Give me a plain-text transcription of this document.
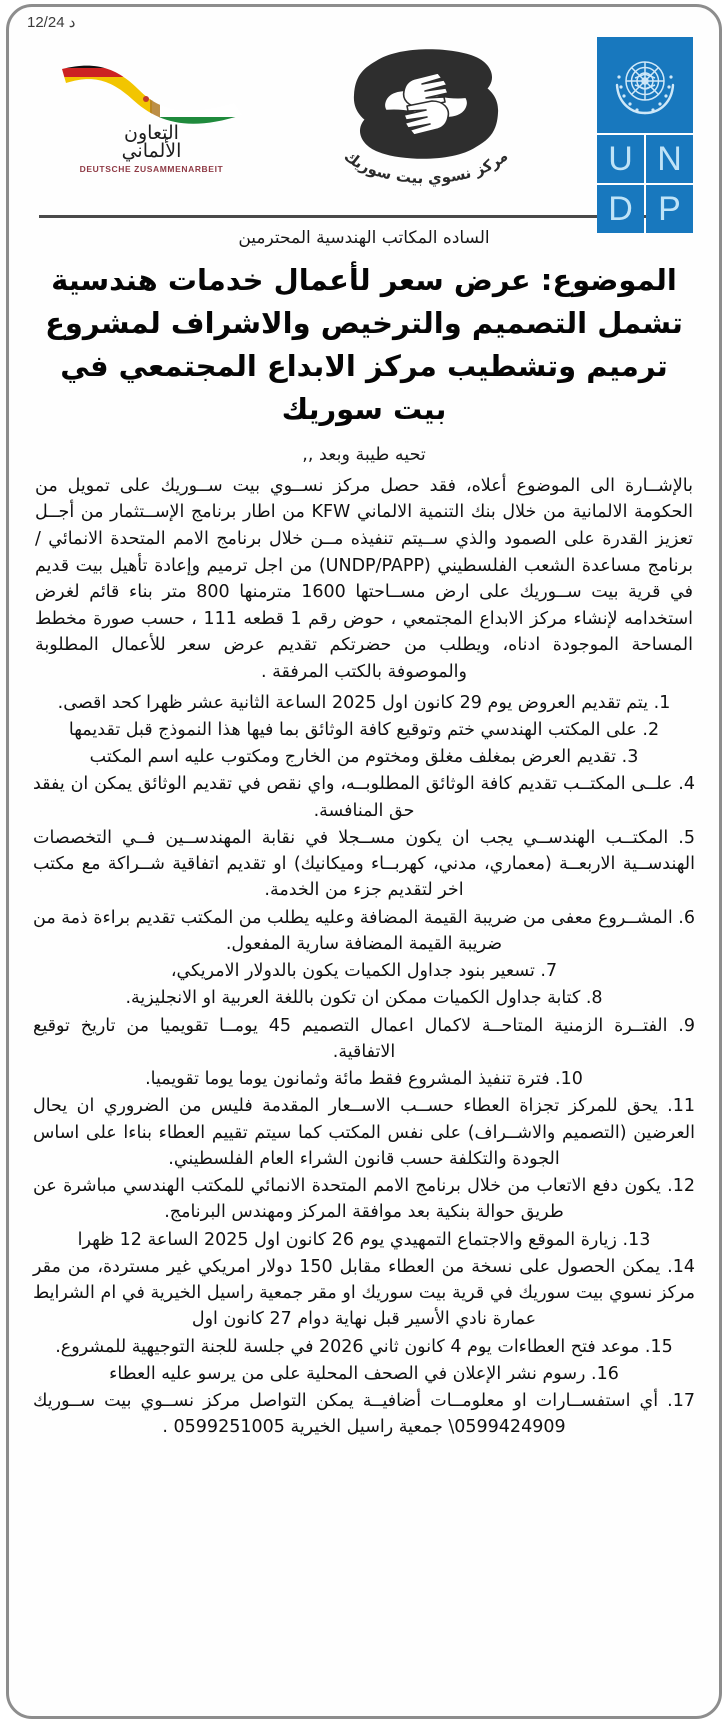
12/24 د
التعاون
الألماني
DEUTSCHE ZUSAMMENARBEIT	مركز نسوي بيت سوريك	U N
D P
الساده المكاتب الهندسية المحترمين
الموضوع: عرض سعر لأعمال خدمات هندسية تشمل التصميم والترخيص والاشراف لمشروع ترميم وتشطيب مركز الابداع المجتمعي في بيت سوريك
تحيه طيبة وبعد ,,

بالإشــارة الى الموضوع أعلاه، فقد حصل مركز نســوي بيت ســوريك على تمويل من الحكومة الالمانية من خلال بنك التنمية الالماني KFW من اطار برنامج الإســتثمار من أجــل تعزيز القدرة على الصمود والذي ســيتم تنفيذه مــن خلال برنامج الامم المتحدة الانمائي / برنامج مساعدة الشعب الفلسطيني (UNDP/PAPP) من اجل ترميم وإعادة تأهيل بيت قديم في قرية بيت ســوريك على ارض مســاحتها 1600 مترمنها 800 متر بناء قائم لغرض استخدامه لإنشاء مركز الابداع المجتمعي ، حوض رقم 1 قطعه 111 ، حسب صورة مخطط المساحة الموجودة ادناه، ويطلب من حضرتكم تقديم عرض سعر للأعمال المطلوبة والموصوفة بالكتب المرفقة .

1. يتم تقديم العروض يوم 29 كانون اول 2025 الساعة الثانية عشر ظهرا كحد اقصى.
2. على المكتب الهندسي ختم وتوقيع كافة الوثائق بما فيها هذا النموذج قبل تقديمها
3. تقديم العرض بمغلف مغلق ومختوم من الخارج ومكتوب عليه اسم المكتب
4. علــى المكتــب تقديم كافة الوثائق المطلوبــه، واي نقص في تقديم الوثائق يمكن ان يفقد حق المنافسة.
5. المكتــب الهندســي يجب ان يكون مســجلا في نقابة المهندســين فــي التخصصات الهندســية الاربعــة (معماري، مدني، كهربــاء وميكانيك) او تقديم اتفاقية شــراكة مع مكتب اخر لتقديم جزء من الخدمة.
6. المشــروع معفى من ضريبة القيمة المضافة وعليه يطلب من المكتب تقديم براءة ذمة من ضريبة القيمة المضافة سارية المفعول.
7. تسعير بنود جداول الكميات يكون بالدولار الامريكي،
8. كتابة جداول الكميات ممكن ان تكون باللغة العربية او الانجليزية.
9. الفتــرة الزمنية المتاحــة لاكمال اعمال التصميم 45 يومــا تقويميا من تاريخ توقيع الاتفاقية.
10. فترة تنفيذ المشروع فقط مائة وثمانون يوما يوما تقويميا.
11. يحق للمركز تجزاة العطاء حســب الاســعار المقدمة فليس من الضروري ان يحال العرضين (التصميم والاشــراف) على نفس المكتب كما سيتم تقييم العطاء بناءا على اساس الجودة والتكلفة حسب قانون الشراء العام الفلسطيني.
12. يكون دفع الاتعاب من خلال برنامج الامم المتحدة الانمائي للمكتب الهندسي مباشرة عن طريق حوالة بنكية بعد موافقة المركز ومهندس البرنامج.
13. زيارة الموقع والاجتماع التمهيدي يوم 26 كانون اول 2025 الساعة 12 ظهرا
14. يمكن الحصول على نسخة من العطاء مقابل 150 دولار امريكي غير مستردة، من مقر مركز نسوي بيت سوريك في قرية بيت سوريك او مقر جمعية راسيل الخيرية في ام الشرايط عمارة نادي الأسير قبل نهاية دوام 27 كانون اول
15. موعد فتح العطاءات يوم 4 كانون ثاني 2026 في جلسة للجنة التوجيهية للمشروع.
16. رسوم نشر الإعلان في الصحف المحلية على من يرسو عليه العطاء
17. أي استفســارات او معلومــات أضافيــة يمكن التواصل مركز نســوي بيت ســوريك 0599424909\ جمعية راسيل الخيرية 0599251005 .
